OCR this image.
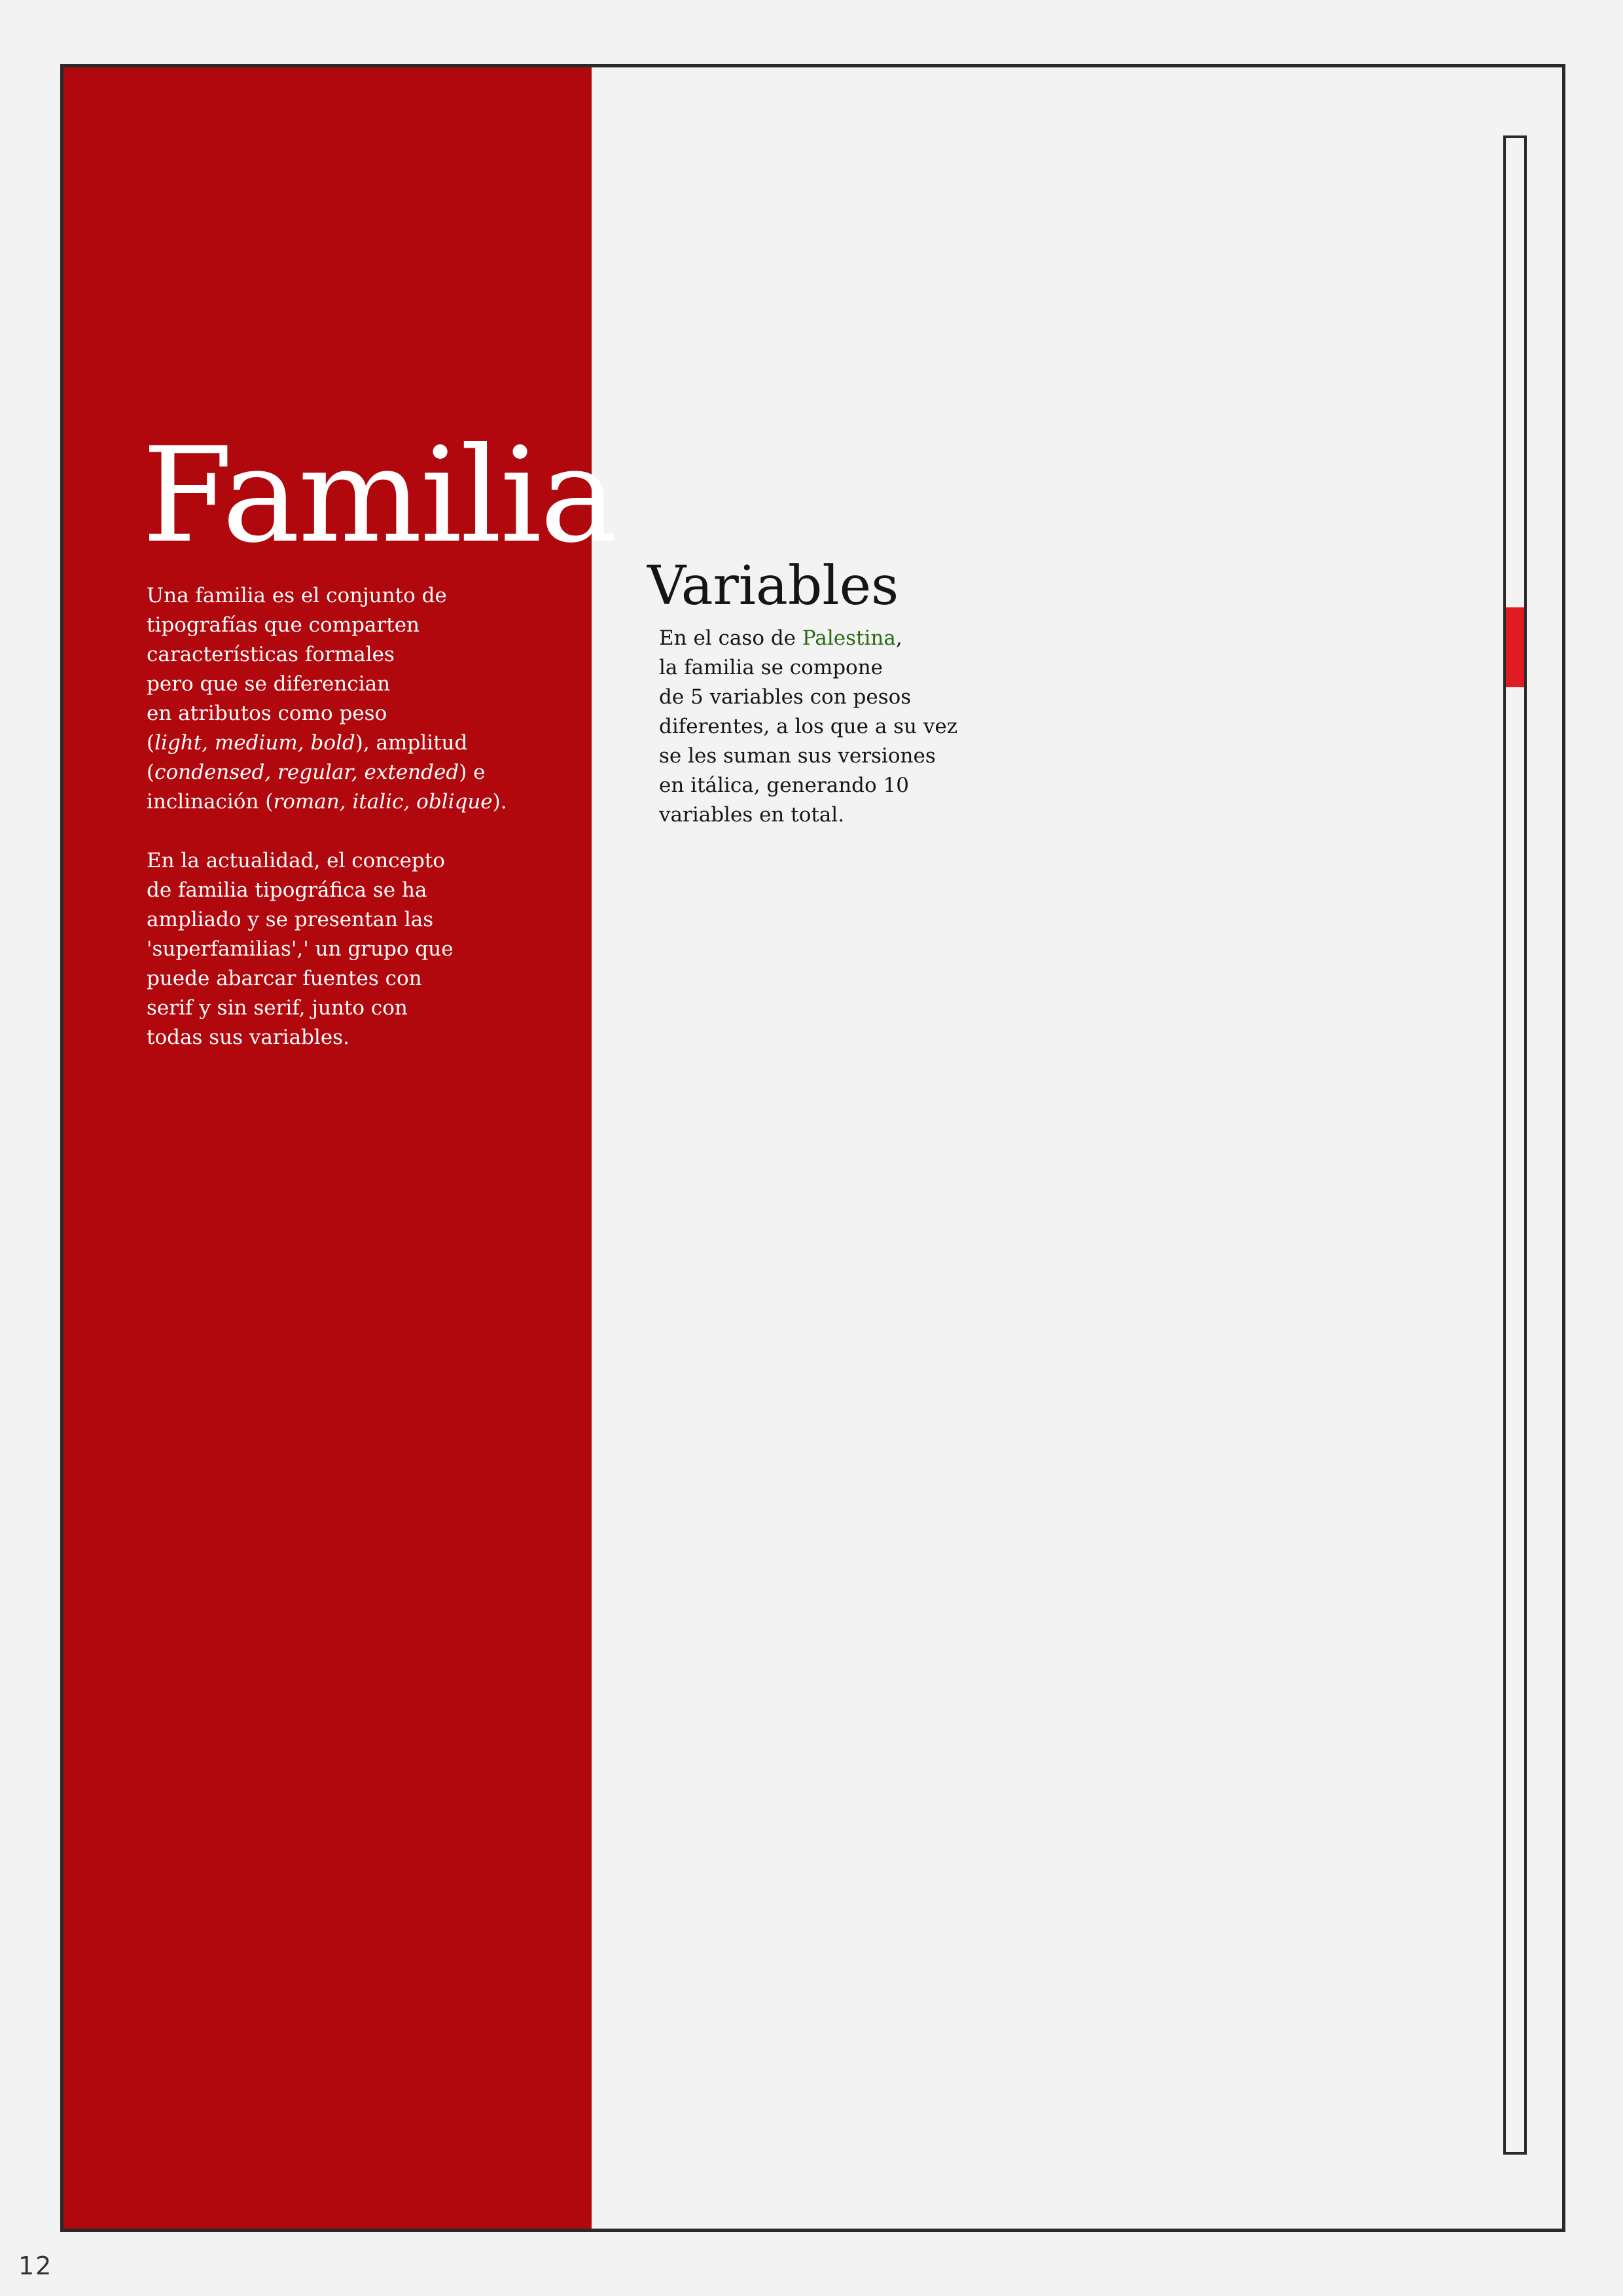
Familia

Una familia es el conjunto de
tipografías que comparten
características formales
pero que se diferencian
en atributos como peso
(light, medium, bold), amplitud
(condensed, regular, extended) e
inclinación (roman, italic, oblique).

En la actualidad, el concepto
de familia tipográfica se ha
ampliado y se presentan las
'superfamilias',' un grupo que
puede abarcar fuentes con
serif y sin serif, junto con
todas sus variables.

Variables

En el caso de Palestina,
la familia se compone
de 5 variables con pesos
diferentes, a los que a su vez
se les suman sus versiones
en itálica, generando 10
variables en total.

12
